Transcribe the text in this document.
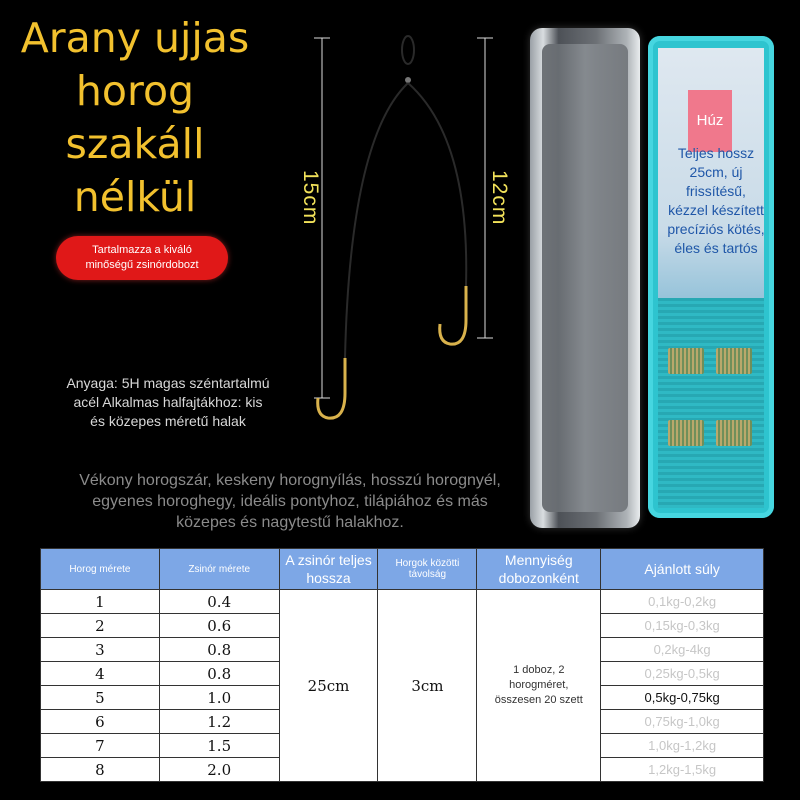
Arany ujjas
horog
szakáll
nélkül
Tartalmazza a kiváló
minőségű zsinórdobozt
15cm	12cm
Anyaga: 5H magas széntartalmú
acél Alkalmas halfajtákhoz: kis
és közepes méretű halak
Vékony horogszár, keskeny horognyílás, hosszú horognyél,
egyenes horoghegy, ideális pontyhoz, tilápiához és más
közepes és nagytestű halakhoz.
Húz
Teljes hossz 25cm, új frissítésű, kézzel készített precíziós kötés, éles és tartós
Horog mérete	Zsinór mérete	A zsinór teljes hossza	Horgok közötti távolság	Mennyiség dobozonként	Ajánlott súly
1	0.4	25cm	3cm	1 doboz, 2 horogméret, összesen 20 szett	0,1kg-0,2kg
2	0.6				0,15kg-0,3kg
3	0.8				0,2kg-4kg
4	0.8				0,25kg-0,5kg
5	1.0				0,5kg-0,75kg
6	1.2				0,75kg-1,0kg
7	1.5				1,0kg-1,2kg
8	2.0				1,2kg-1,5kg
